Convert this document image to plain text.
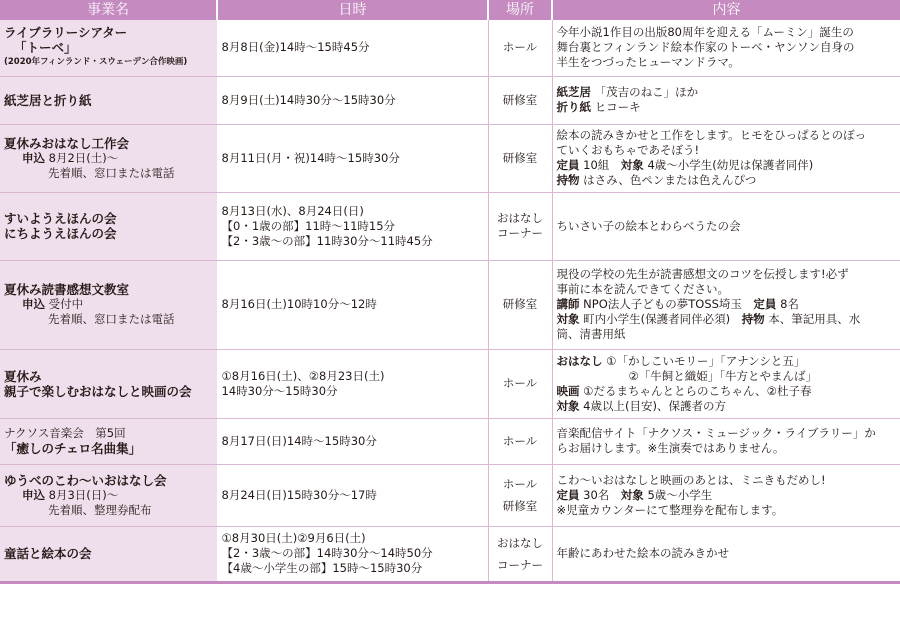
事業名	日時	場所	内容

ライブラリーシアター
「トーベ」
(2020年フィンランド・スウェーデン合作映画)	8月8日(金)14時〜15時45分	ホール	今年小説1作目の出版80周年を迎える「ムーミン」誕生の
舞台裏とフィンランド絵本作家のトーベ・ヤンソン自身の
半生をつづったヒューマンドラマ。

紙芝居と折り紙	8月9日(土)14時30分〜15時30分	研修室	紙芝居 「茂吉のねこ」ほか
折り紙 ヒコーキ

夏休みおはなし工作会
申込 8月2日(土)〜
先着順、窓口または電話	8月11日(月・祝)14時〜15時30分	研修室	絵本の読みきかせと工作をします。ヒモをひっぱるとのぼっ
ていくおもちゃであそぼう!
定員 10組　 対象 4歳〜小学生(幼児は保護者同伴)
持物 はさみ、色ペンまたは色えんぴつ

すいようえほんの会
にちようえほんの会	8月13日(水)、8月24日(日)
【0・1歳の部】11時〜11時15分
【2・3歳〜の部】11時30分〜11時45分	おはなし
コーナー	ちいさい子の絵本とわらべうたの会

夏休み読書感想文教室
申込 受付中
先着順、窓口または電話	8月16日(土)10時10分〜12時	研修室	現役の学校の先生が読書感想文のコツを伝授します!必ず
事前に本を読んできてください。
講師 NPO法人子どもの夢TOSS埼玉　 定員 8名
対象 町内小学生(保護者同伴必須)　 持物 本、筆記用具、水
筒、清書用紙

夏休み
親子で楽しむおはなしと映画の会	①8月16日(土)、②8月23日(土)
14時30分〜15時30分	ホール	おはなし ①「かしこいモリー」「アナンシと五」
②「牛飼と織姫」「牛方とやまんば」
映画 ①だるまちゃんととらのこちゃん、②杜子春
対象 4歳以上(目安)、保護者の方

ナクソス音楽会　第5回
「癒しのチェロ名曲集」	8月17日(日)14時〜15時30分	ホール	音楽配信サイト「ナクソス・ミュージック・ライブラリー」か
らお届けします。※生演奏ではありません。

ゆうべのこわ〜いおはなし会
申込 8月3日(日)〜
先着順、整理券配布	8月24日(日)15時30分〜17時	ホール
研修室	こわ〜いおはなしと映画のあとは、ミニきもだめし!
定員 30名　 対象 5歳〜小学生
※児童カウンターにて整理券を配布します。

童話と絵本の会	①8月30日(土)②9月6日(土)
【2・3歳〜の部】14時30分〜14時50分
【4歳〜小学生の部】15時〜15時30分	おはなし
コーナー	年齢にあわせた絵本の読みきかせ
